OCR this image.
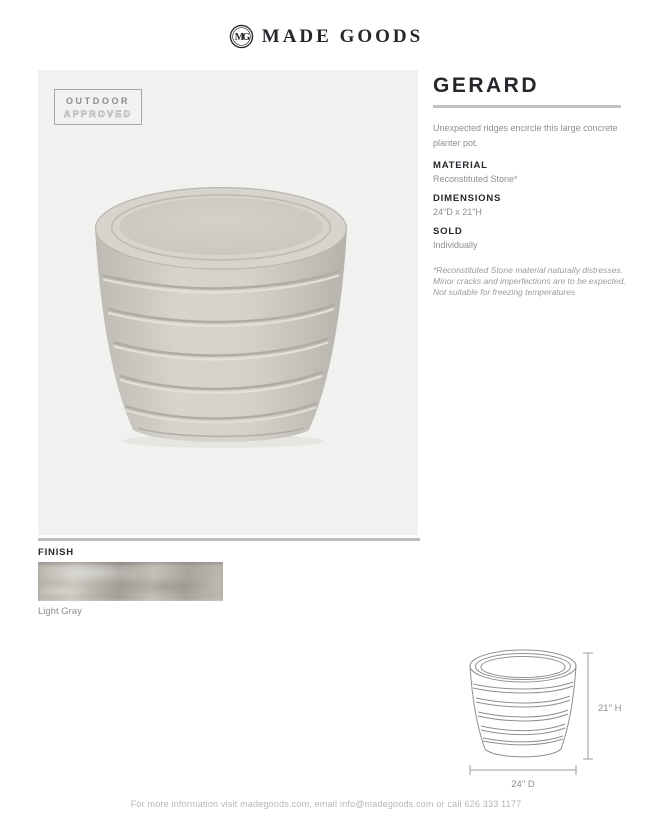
MG MADE GOODS
OUTDOOR
APPROVED
GERARD
Unexpected ridges encircle this large concrete
planter pot.
MATERIAL
Reconstituted Stone*
DIMENSIONS
24"D x 21"H
SOLD
Individually
*Reconstituted Stone material naturally distresses.
Minor cracks and imperfections are to be expected.
Not suitable for freezing temperatures
FINISH
Light Gray
21" H
24" D
For more information visit madegoods.com, email info@madegoods.com or call 626 333 1177
